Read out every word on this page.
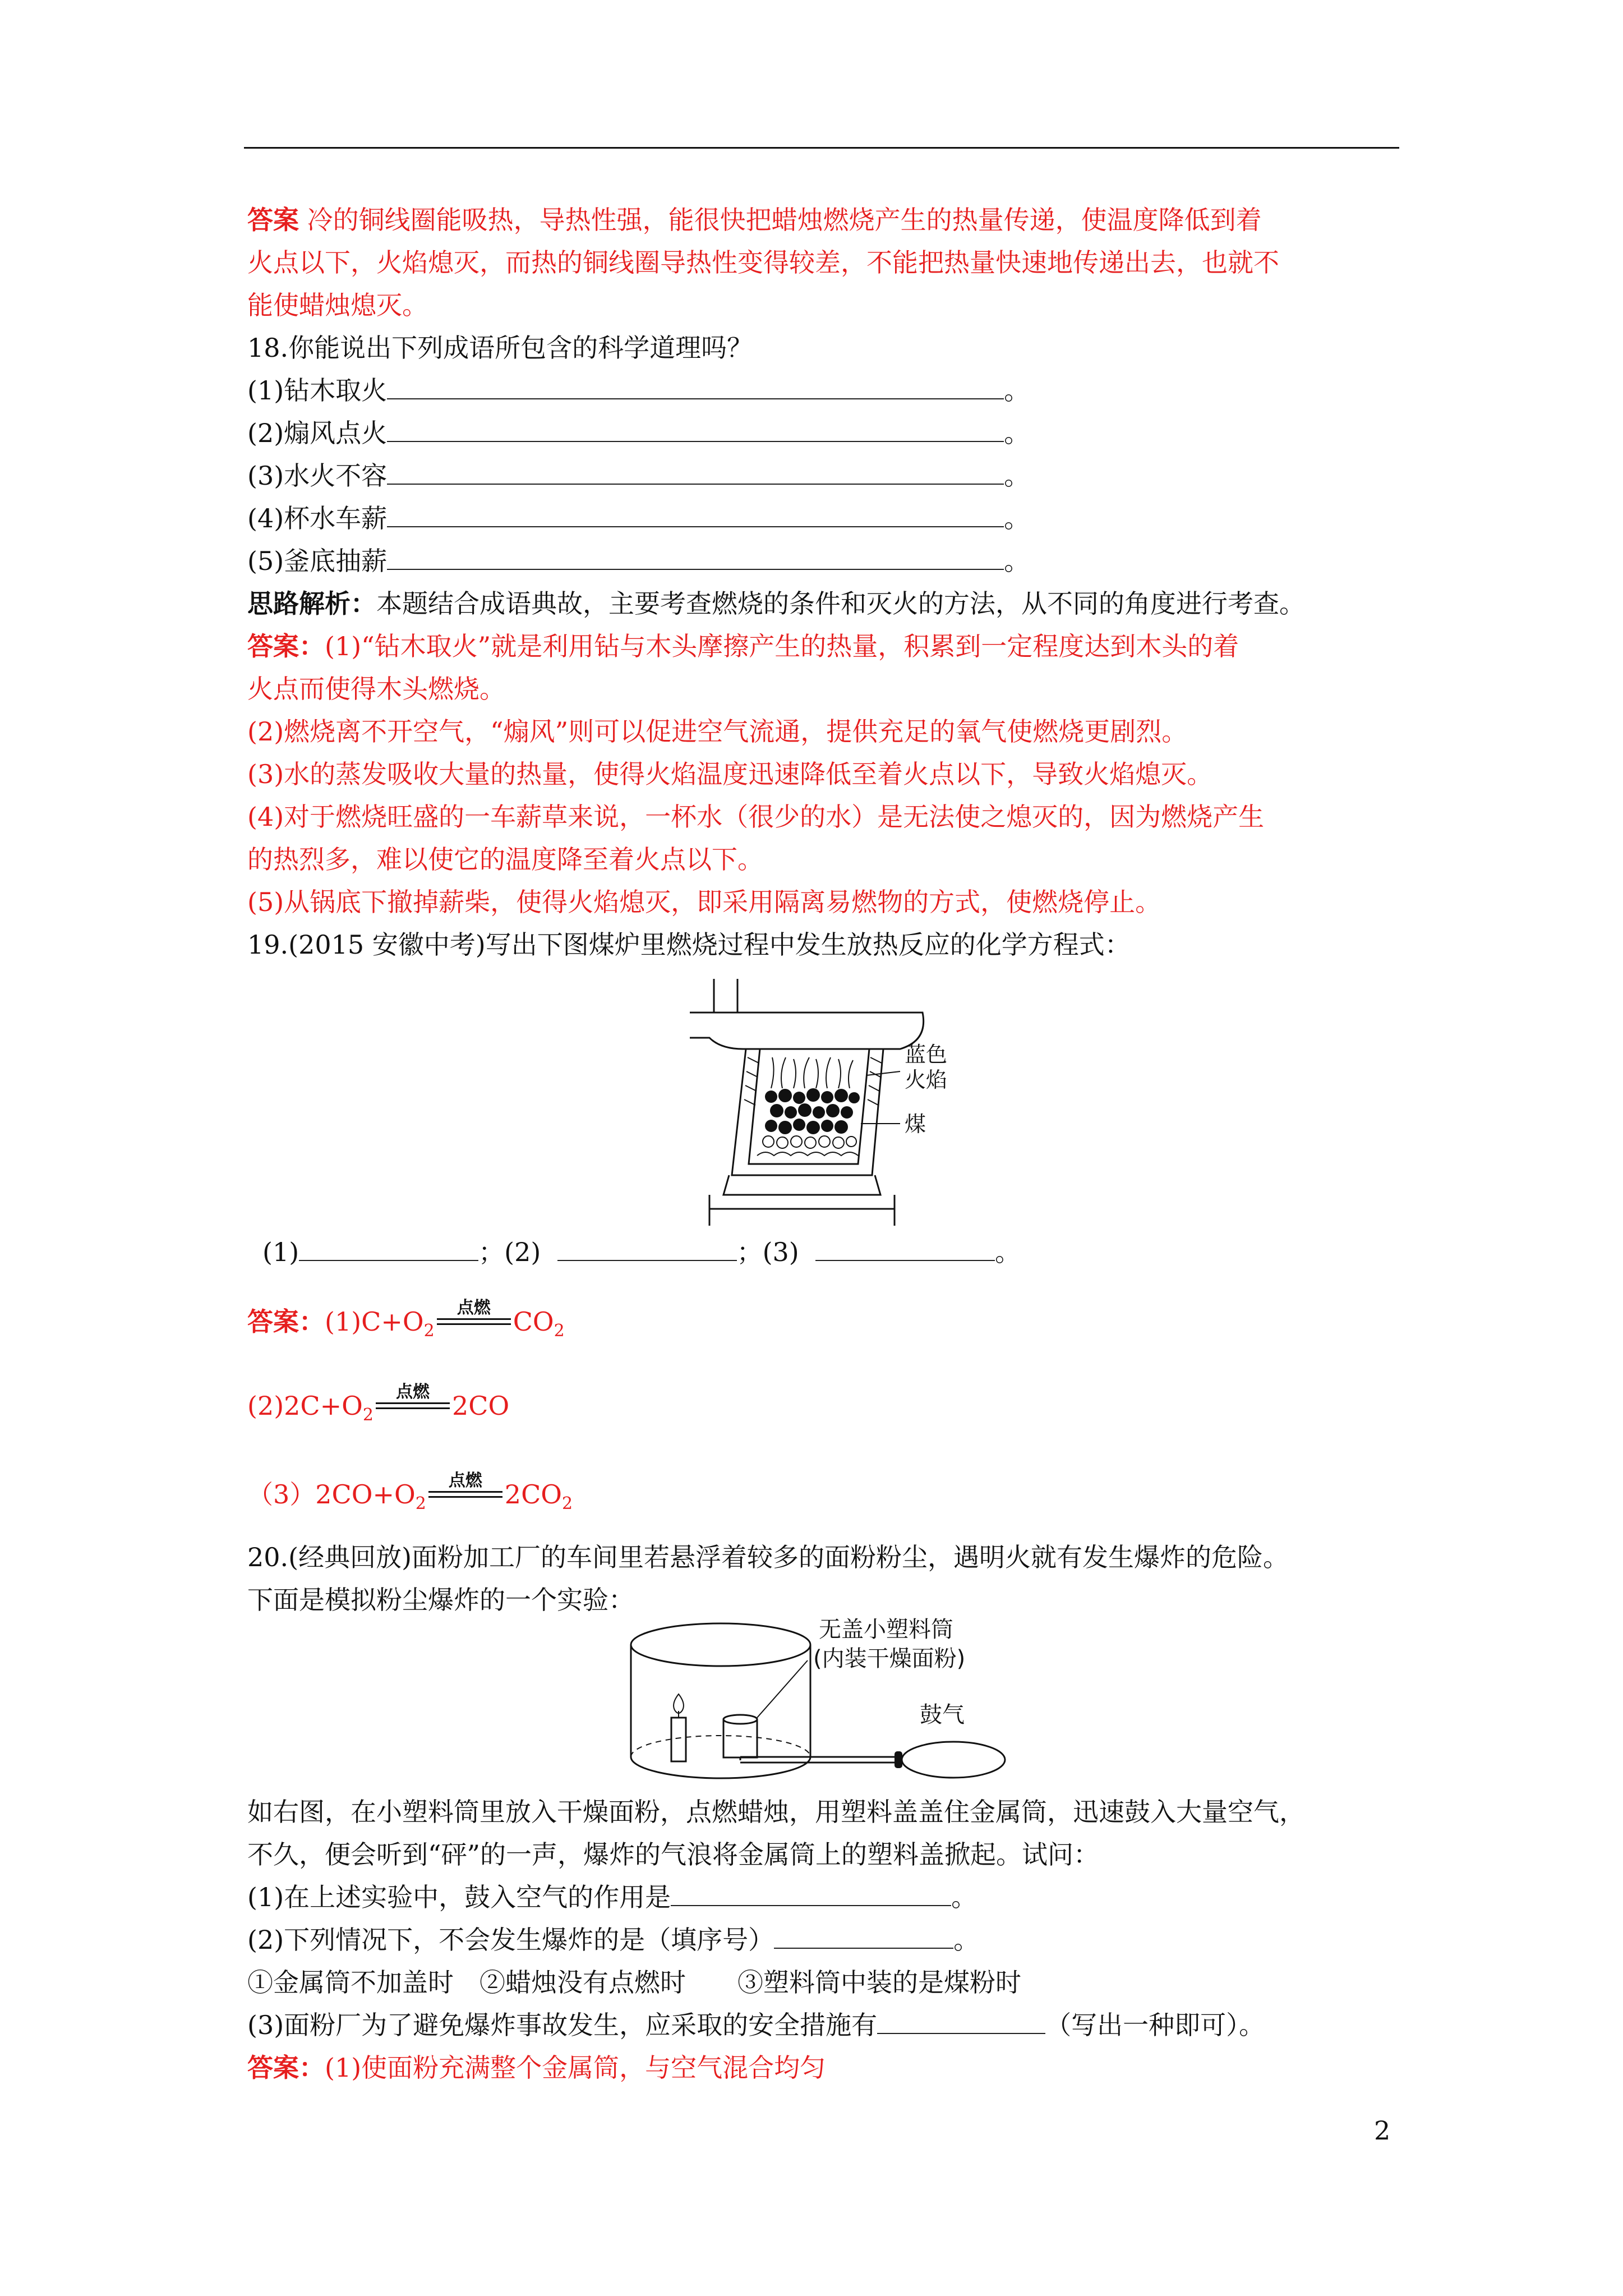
答案 冷的铜线圈能吸热，导热性强，能很快把蜡烛燃烧产生的热量传递，使温度降低到着
火点以下，火焰熄灭，而热的铜线圈导热性变得较差，不能把热量快速地传递出去，也就不
能使蜡烛熄灭。
18.你能说出下列成语所包含的科学道理吗？
(1)钻木取火	。
(2)煽风点火	。
(3)水火不容	。
(4)杯水车薪	。
(5)釜底抽薪	。
思路解析：本题结合成语典故，主要考查燃烧的条件和灭火的方法，从不同的角度进行考查。
答案：(1)“钻木取火”就是利用钻与木头摩擦产生的热量，积累到一定程度达到木头的着
火点而使得木头燃烧。
(2)燃烧离不开空气，“煽风”则可以促进空气流通，提供充足的氧气使燃烧更剧烈。
(3)水的蒸发吸收大量的热量，使得火焰温度迅速降低至着火点以下，导致火焰熄灭。
(4)对于燃烧旺盛的一车薪草来说，一杯水（很少的水）是无法使之熄灭的，因为燃烧产生
的热烈多，难以使它的温度降至着火点以下。
(5)从锅底下撤掉薪柴，使得火焰熄灭，即采用隔离易燃物的方式，使燃烧停止。
19.(2015 安徽中考)写出下图煤炉里燃烧过程中发生放热反应的化学方程式：
蓝色
火焰
煤
(1)	；(2)	；(3)	。
答案：$(1)C+O_2$
点燃 $CO_2$
$(2)2C+O_2$
点燃 2CO
$(3)2CO+O_2$
点燃 $2CO_2$
20.(经典回放)面粉加工厂的车间里若悬浮着较多的面粉粉尘，遇明火就有发生爆炸的危险。
下面是模拟粉尘爆炸的一个实验：
无盖小塑料筒
(内装干燥面粉)
鼓气
如右图，在小塑料筒里放入干燥面粉，点燃蜡烛，用塑料盖盖住金属筒，迅速鼓入大量空气，
不久，便会听到“砰”的一声，爆炸的气浪将金属筒上的塑料盖掀起。试问：
(1)在上述实验中，鼓入空气的作用是	。
(2)下列情况下，不会发生爆炸的是（填序号）	。
①金属筒不加盖时　②蜡烛没有点燃时　　③塑料筒中装的是煤粉时
(3)面粉厂为了避免爆炸事故发生，应采取的安全措施有	（写出一种即可）。
答案：(1)使面粉充满整个金属筒，与空气混合均匀
2
